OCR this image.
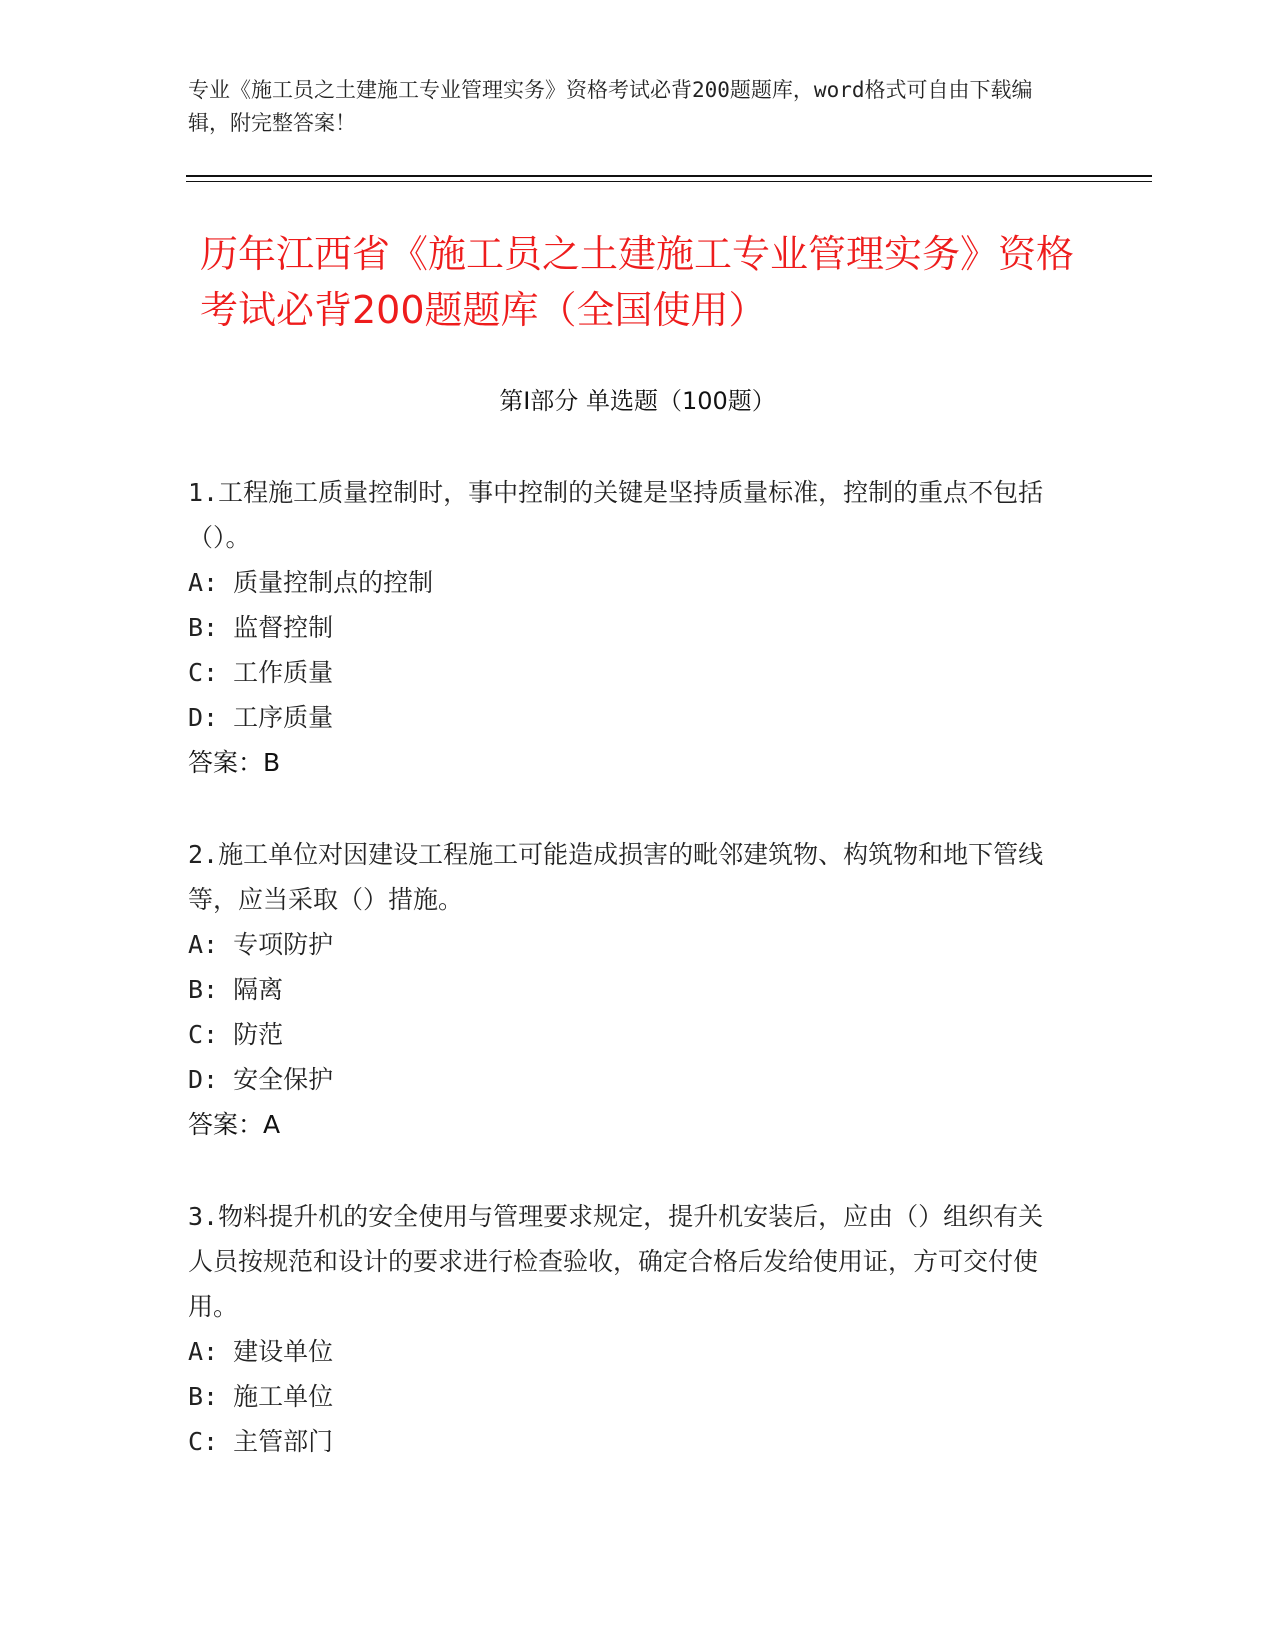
专业《施工员之土建施工专业管理实务》资格考试必背200题题库，word格式可自由下载编辑，附完整答案！
历年江西省《施工员之土建施工专业管理实务》资格考试必背200题题库（全国使用）
第Ⅰ部分 单选题（100题）

1.工程施工质量控制时，事中控制的关键是坚持质量标准，控制的重点不包括（）。

A: 质量控制点的控制

B: 监督控制

C: 工作质量

D: 工序质量

答案：B

2.施工单位对因建设工程施工可能造成损害的毗邻建筑物、构筑物和地下管线等，应当采取（）措施。

A: 专项防护

B: 隔离

C: 防范

D: 安全保护

答案：A

3.物料提升机的安全使用与管理要求规定，提升机安装后，应由（）组织有关人员按规范和设计的要求进行检查验收，确定合格后发给使用证，方可交付使用。

A: 建设单位

B: 施工单位

C: 主管部门
